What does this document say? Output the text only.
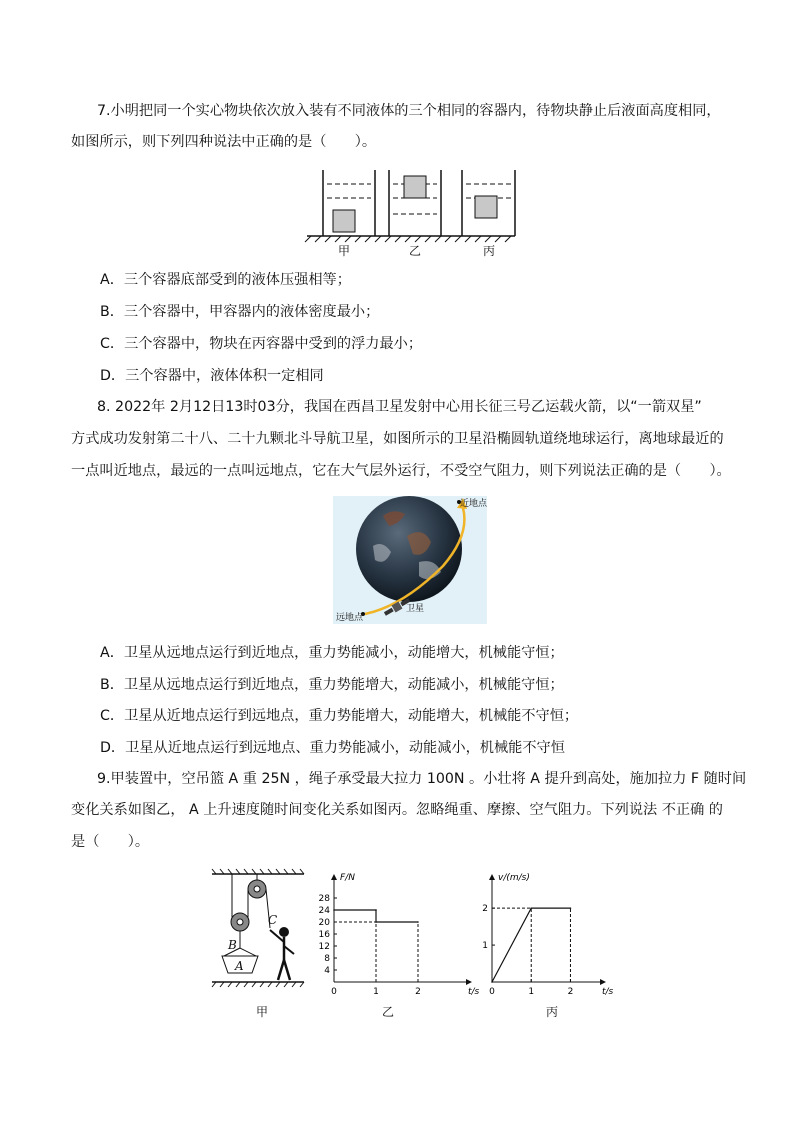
7.小明把同一个实心物块依次放入装有不同液体的三个相同的容器内，待物块静止后液面高度相同，
如图所示，则下列四种说法中正确的是（　　）。
甲	乙	丙
A．三个容器底部受到的液体压强相等；
B．三个容器中，甲容器内的液体密度最小；
C．三个容器中，物块在丙容器中受到的浮力最小；
D．三个容器中，液体体积一定相同
8. 2022年 2月12日13时03分，我国在西昌卫星发射中心用长征三号乙运载火箭，以“一箭双星”
方式成功发射第二十八、二十九颗北斗导航卫星，如图所示的卫星沿椭圆轨道绕地球运行，离地球最近的
一点叫近地点，最远的一点叫远地点，它在大气层外运行，不受空气阻力，则下列说法正确的是（　　）。
近地点
远地点
卫星
A．卫星从远地点运行到近地点，重力势能减小，动能增大，机械能守恒；
B．卫星从远地点运行到近地点，重力势能增大，动能减小，机械能守恒；
C．卫星从近地点运行到远地点，重力势能增大，动能增大，机械能不守恒；
D．卫星从近地点运行到远地点、重力势能减小，动能减小，机械能不守恒
9.甲装置中，空吊篮 A 重 25N ，绳子承受最大拉力 100N 。小壮将 A 提升到高处，施加拉力 F 随时间
变化关系如图乙， A 上升速度随时间变化关系如图丙。忽略绳重、摩擦、空气阻力。下列说法 不正确 的
是（　　）。
B
C
A
甲
4
8
12
16
20
24
28
0	1	2
F/N
t/s
乙
1
2
0	1	2
v/(m/s)
t/s
丙
